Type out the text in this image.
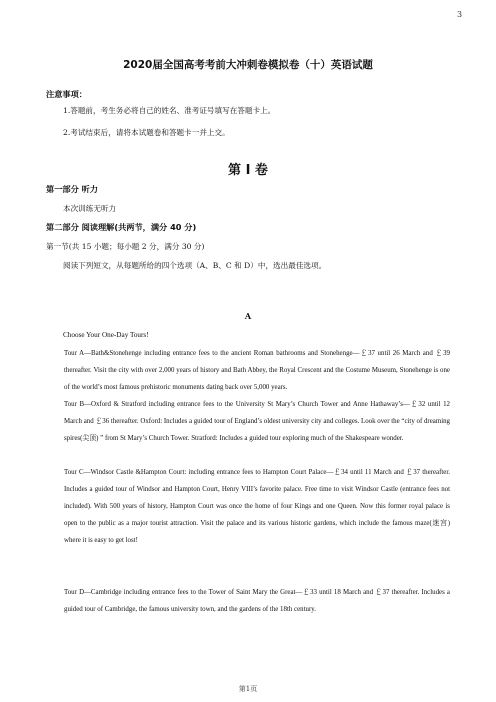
3
2020届全国高考考前大冲刺卷模拟卷（十）英语试题
注意事项：
1.答题前，考生务必将自己的姓名、准考证号填写在答题卡上。
2.考试结束后，请将本试题卷和答题卡一并上交。
第 Ⅰ 卷
第一部分 听力
本次训练无听力
第二部分 阅读理解(共两节，满分 40 分)
第一节(共 15 小题；每小题 2 分，满分 30 分)
阅读下列短文，从每题所给的四个选项（A、B、C 和 D）中，选出最佳选项。
A
Choose Your One-Day Tours!
Tour A—Bath&Stonehenge including entrance fees to the ancient Roman bathrooms and Stonehenge—￡37 until 26 March and ￡39 thereafter. Visit the city with over 2,000 years of history and Bath Abbey, the Royal Crescent and the Costume Museum, Stonehenge is one of the world’s most famous prehistoric monuments dating back over 5,000 years.
Tour B—Oxford & Stratford including entrance fees to the University St Mary’s Church Tower and Anne Hathaway’s—￡32 until 12 March and ￡36 thereafter. Oxford: Includes a guided tour of England’s oldest university city and colleges. Look over the “city of dreaming spires(尖顶) ” from St Mary’s Church Tower. Stratford: Includes a guided tour exploring much of the Shakespeare wonder.
Tour C—Windsor Castle &Hampton Court: including entrance fees to Hampton Court Palace—￡34 until 11 March and ￡37 thereafter. Includes a guided tour of Windsor and Hampton Court, Henry VIII’s favorite palace. Free time to visit Windsor Castle (entrance fees not included). With 500 years of history, Hampton Court was once the home of four Kings and one Queen. Now this former royal palace is open to the public as a major tourist attraction. Visit the palace and its various historic gardens, which include the famous maze(迷宫) where it is easy to get lost!
Tour D—Cambridge including entrance fees to the Tower of Saint Mary the Great—￡33 until 18 March and ￡37 thereafter. Includes a guided tour of Cambridge, the famous university town, and the gardens of the 18th century.
第1页
